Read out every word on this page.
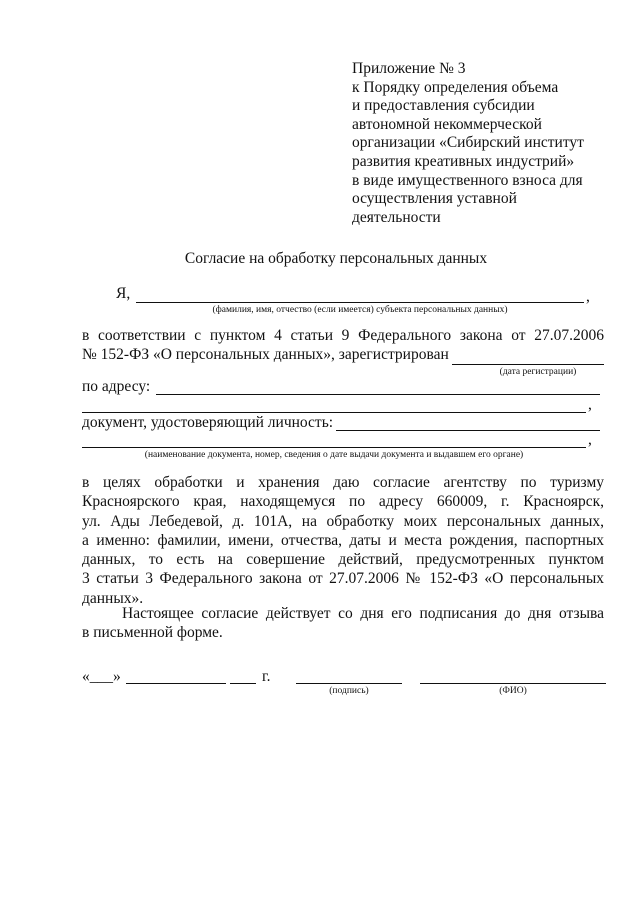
Приложение № 3
к Порядку определения объема
и предоставления субсидии
автономной некоммерческой
организации «Сибирский институт
развития креативных индустрий»
в виде имущественного взноса для
осуществления уставной
деятельности
Согласие на обработку персональных данных
Я,	,
(фамилия, имя, отчество (если имеется) субъекта персональных данных)
в соответствии с пунктом 4 статьи 9 Федерального закона от 27.07.2006
№ 152-ФЗ «О персональных данных», зарегистрирован
(дата регистрации)
по адресу:
,
документ, удостоверяющий личность:
,
(наименование документа, номер, сведения о дате выдачи документа и выдавшем его органе)
в целях обработки и хранения даю согласие агентству по туризму
Красноярского края, находящемуся по адресу 660009, г. Красноярск,
ул. Ады Лебедевой, д. 101А, на обработку моих персональных данных,
а именно: фамилии, имени, отчества, даты и места рождения, паспортных
данных, то есть на совершение действий, предусмотренных пунктом
3 статьи 3 Федерального закона от 27.07.2006 № 152-ФЗ «О персональных
данных».
Настоящее согласие действует со дня его подписания до дня отзыва
в письменной форме.
«___»	г.
(подпись)	(ФИО)
